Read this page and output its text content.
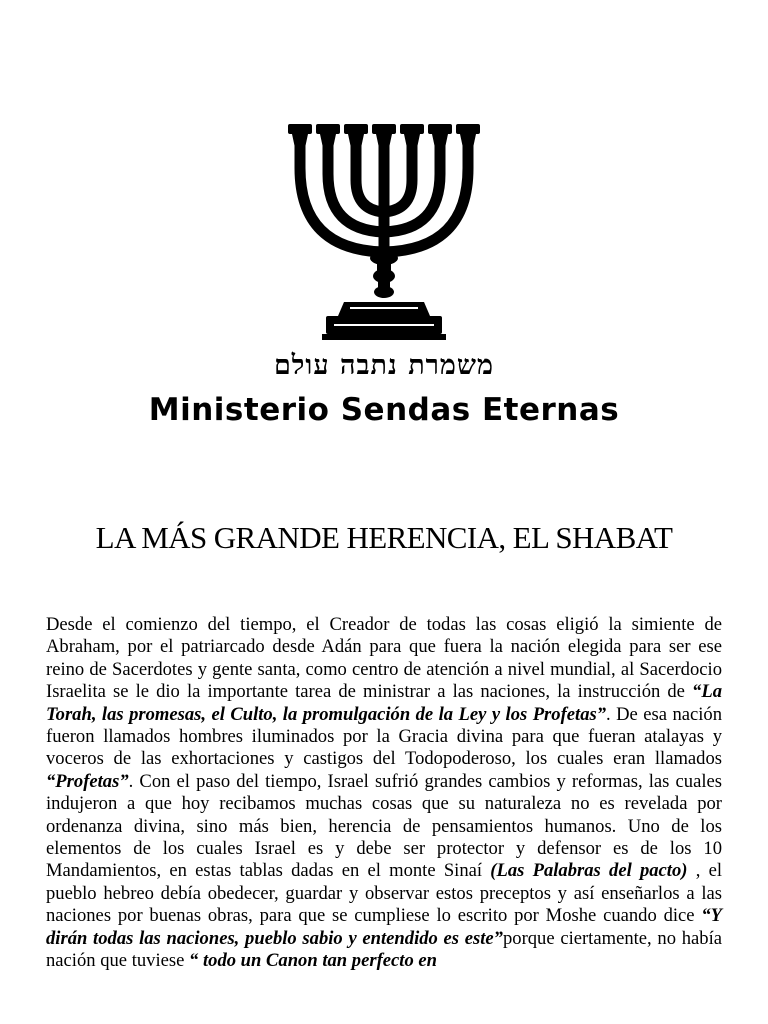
משמרת נתבה עולם
Ministerio Sendas Eternas
LA MÁS GRANDE HERENCIA, EL SHABAT

Desde el comienzo del tiempo, el Creador de todas las cosas eligió la simiente de Abraham, por el patriarcado desde Adán para que fuera la nación elegida para ser ese reino de Sacerdotes y gente santa, como centro de atención a nivel mundial, al Sacerdocio Israelita se le dio la importante tarea de ministrar a las naciones, la instrucción de “La Torah, las promesas, el Culto, la promulgación de la Ley y los Profetas”. De esa nación fueron llamados hombres iluminados por la Gracia divina para que fueran atalayas y voceros de las exhortaciones y castigos del Todopoderoso, los cuales eran llamados “Profetas”. Con el paso del tiempo, Israel sufrió grandes cambios y reformas, las cuales indujeron a que hoy recibamos muchas cosas que su naturaleza no es revelada por ordenanza divina, sino más bien, herencia de pensamientos humanos. Uno de los elementos de los cuales Israel es y debe ser protector y defensor es de los 10 Mandamientos, en estas tablas dadas en el monte Sinaí (Las Palabras del pacto) , el pueblo hebreo debía obedecer, guardar y observar estos preceptos y así enseñarlos a las naciones por buenas obras, para que se cumpliese lo escrito por Moshe cuando dice “Y dirán todas las naciones, pueblo sabio y entendido es este”porque ciertamente, no había nación que tuviese “ todo un Canon tan perfecto en
